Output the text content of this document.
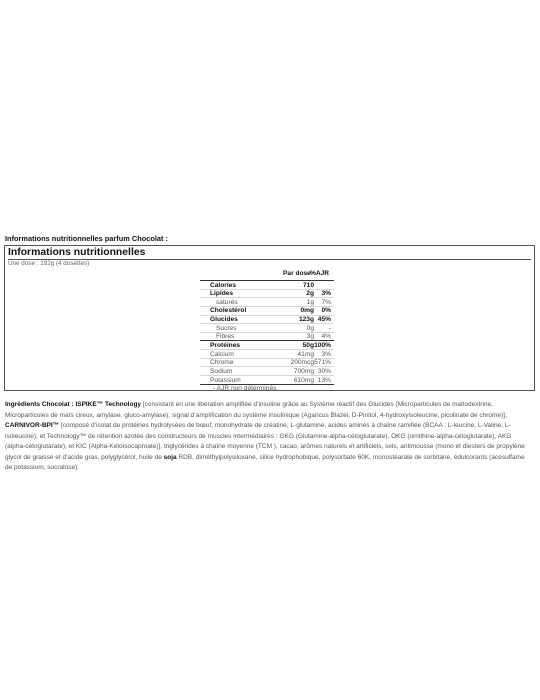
Informations nutritionnelles parfum Chocolat :
Informations nutritionnelles
Une dose : 192g (4 dosettes)
Par dose %AJR
Calories	710
Lipides	2g 3%
saturés	1g 7%
Cholestérol	0mg 0%
Glucides	123g 45%
Sucres	0g -
Fibres	3g 4%
Protéines	50g 100%
Calcium	41mg 3%
Chrome	200mcg 571%
Sodium	700mg 30%
Potassium	610mg 13%
- AJR non déterminés
Ingrédients Chocolat : ISPIKE™ Technology [consistant en une libération amplifiée d’insuline grâce au Système réactif des Glucides (Microparticules de maltodextrine, Microparticules de maïs cireux, amylase, gluco-amylase), signal d’amplification du système insulinique (Agaricus Blazei, D-Pinitol, 4-hydroxyisoleucine, picolinate de chrome)], CARNIVOR-BPI™ [composé d’isolat de protéines hydrolysées de bœuf, monohydrate de créatine, L-glutamine, acides aminés à chaîne ramifiée (BCAA : L-leucine, L-Valine, L-isoleucine), et Technology™ de rétention azotée des constructeurs de muscles intermédiaires : GKG (Glutamine-alpha-cétoglutarate), OKG (ornithine-alpha-cétoglutarate), AKG (alpha-cétoglutarate), et KIC (Alpha-Kétoisocaproate)], triglycérides à chaîne moyenne (TCM ), cacao, arômes naturels et artificiels, sels, antimousse (mono et diesters de propylène glycol de graisse et d’acide gras, polyglycérol, huile de soja RDB, diméthylpolysiloxane, silice hydrophobique, polysorbate 60K, monostéarate de sorbitane, édulcorants (acésulfame de potassium, sucralose).
